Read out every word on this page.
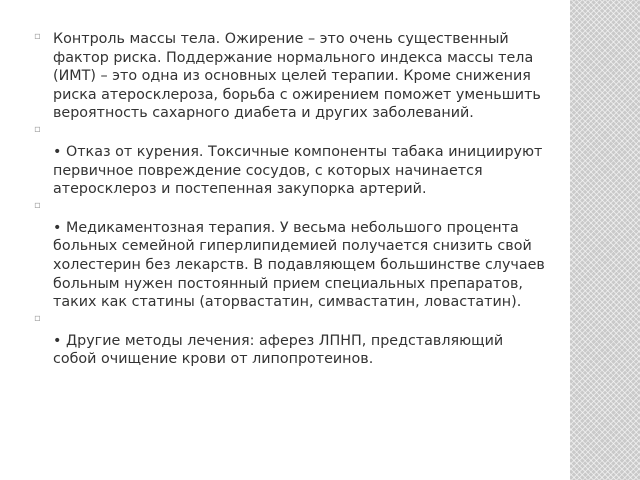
▫ Контроль массы тела. Ожирение – это очень существенный фактор риска. Поддержание нормального индекса массы тела (ИМТ) – это одна из основных целей терапии. Кроме снижения риска атеросклероза, борьба с ожирением поможет уменьшить вероятность сахарного диабета и других заболеваний.
▫
• Отказ от курения. Токсичные компоненты табака инициируют первичное повреждение сосудов, с которых начинается атеросклероз и постепенная закупорка артерий.
▫
• Медикаментозная терапия. У весьма небольшого процента больных семейной гиперлипидемией получается снизить свой холестерин без лекарств. В подавляющем большинстве случаев больным нужен постоянный прием специальных препаратов, таких как статины (аторвастатин, симвастатин, ловастатин).
▫
• Другие методы лечения: аферез ЛПНП, представляющий собой очищение крови от липопротеинов.
